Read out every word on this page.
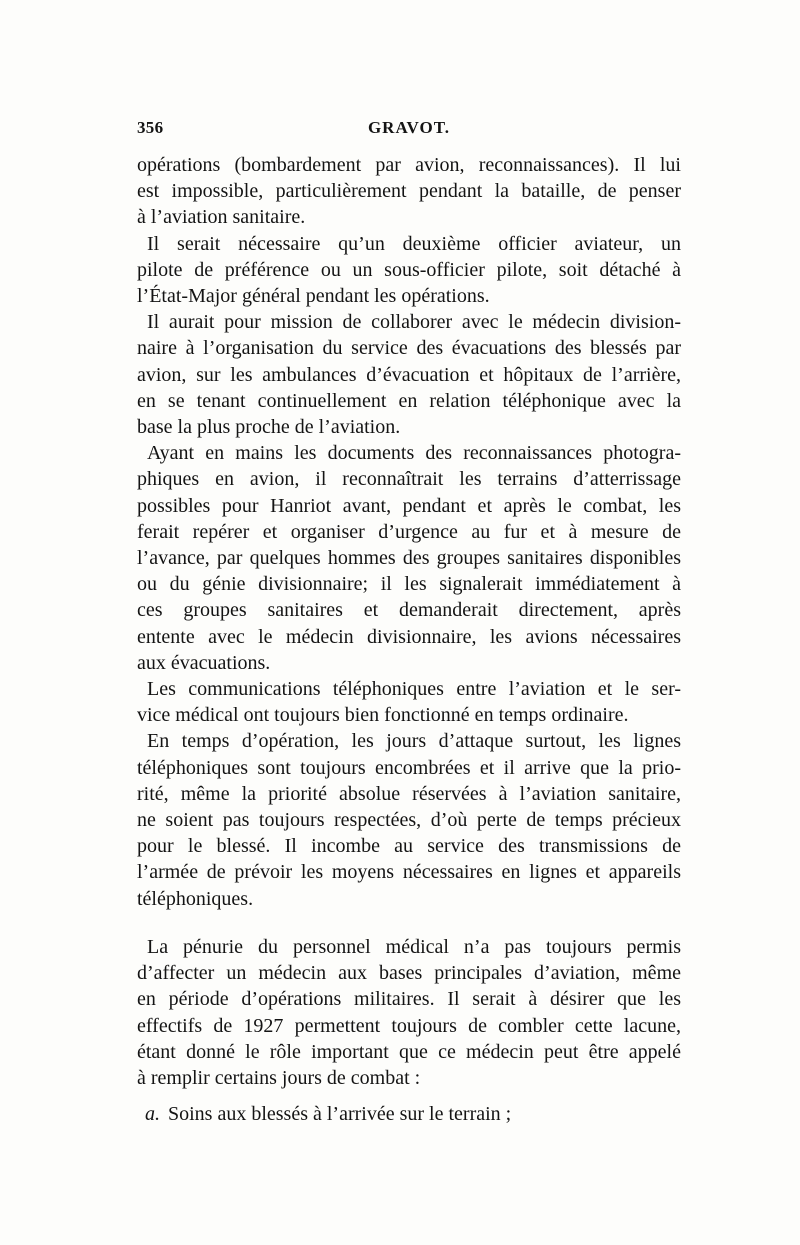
356	GRAVOT.

opérations (bombardement par avion, reconnaissances). Il lui
est impossible, particulièrement pendant la bataille, de penser
à l’aviation sanitaire.

Il serait nécessaire qu’un deuxième officier aviateur, un
pilote de préférence ou un sous-officier pilote, soit détaché à
l’État-Major général pendant les opérations.

Il aurait pour mission de collaborer avec le médecin division-
naire à l’organisation du service des évacuations des blessés par
avion, sur les ambulances d’évacuation et hôpitaux de l’arrière,
en se tenant continuellement en relation téléphonique avec la
base la plus proche de l’aviation.

Ayant en mains les documents des reconnaissances photogra-
phiques en avion, il reconnaîtrait les terrains d’atterrissage
possibles pour Hanriot avant, pendant et après le combat, les
ferait repérer et organiser d’urgence au fur et à mesure de
l’avance, par quelques hommes des groupes sanitaires disponibles
ou du génie divisionnaire; il les signalerait immédiatement à
ces groupes sanitaires et demanderait directement, après
entente avec le médecin divisionnaire, les avions nécessaires
aux évacuations.

Les communications téléphoniques entre l’aviation et le ser-
vice médical ont toujours bien fonctionné en temps ordinaire.

En temps d’opération, les jours d’attaque surtout, les lignes
téléphoniques sont toujours encombrées et il arrive que la prio-
rité, même la priorité absolue réservées à l’aviation sanitaire,
ne soient pas toujours respectées, d’où perte de temps précieux
pour le blessé. Il incombe au service des transmissions de
l’armée de prévoir les moyens nécessaires en lignes et appareils
téléphoniques.

La pénurie du personnel médical n’a pas toujours permis
d’affecter un médecin aux bases principales d’aviation, même
en période d’opérations militaires. Il serait à désirer que les
effectifs de 1927 permettent toujours de combler cette lacune,
étant donné le rôle important que ce médecin peut être appelé
à remplir certains jours de combat :

a. Soins aux blessés à l’arrivée sur le terrain ;
